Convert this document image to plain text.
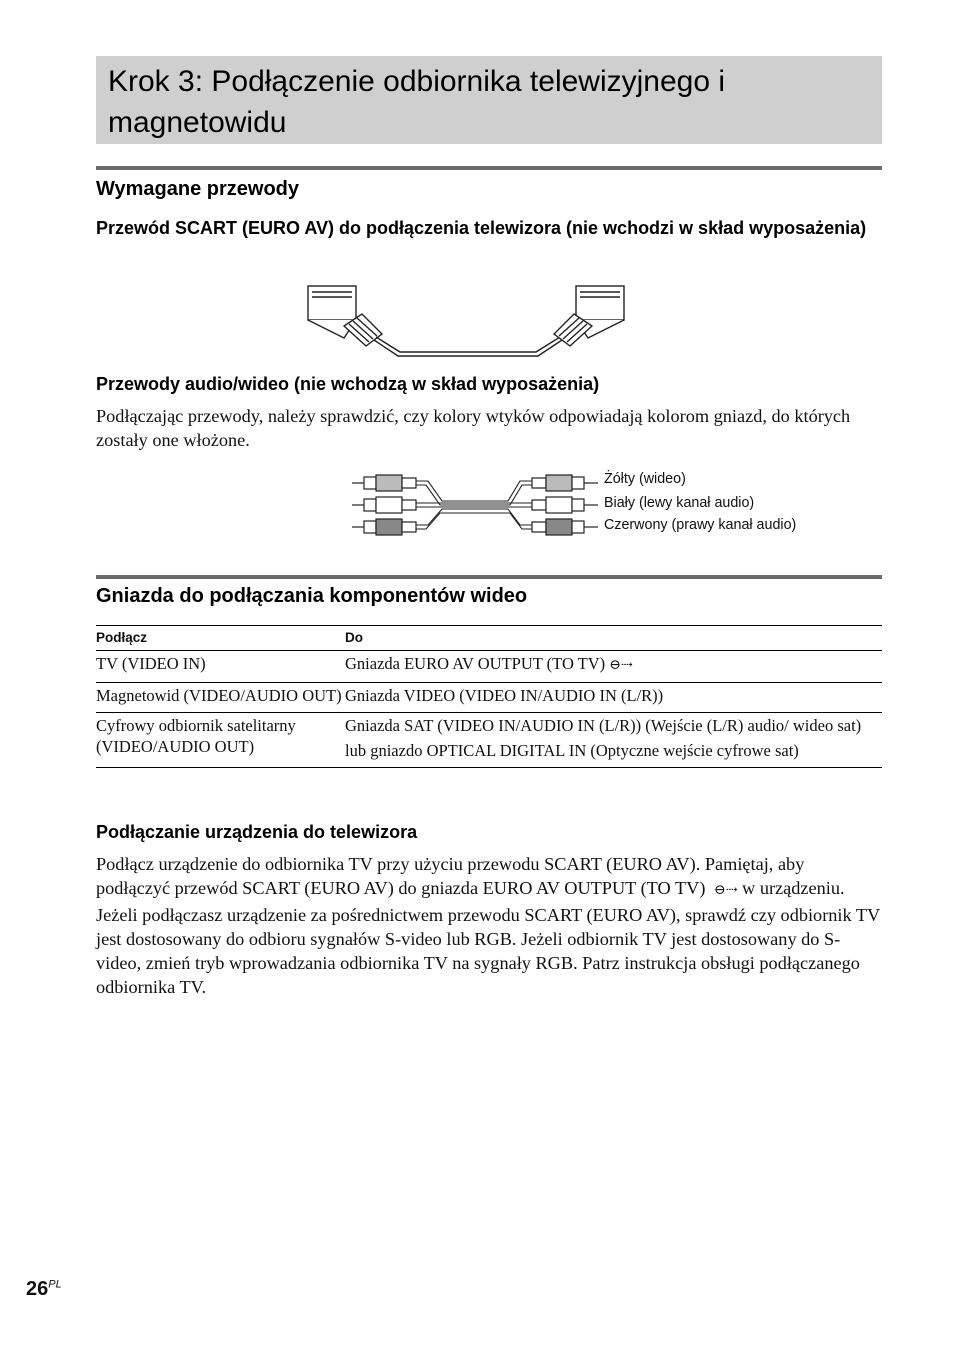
Krok 3: Podłączenie odbiornika telewizyjnego i magnetowidu
Wymagane przewody
Przewód SCART (EURO AV) do podłączenia telewizora (nie wchodzi w skład wyposażenia)
Przewody audio/wideo (nie wchodzą w skład wyposażenia)

Podłączając przewody, należy sprawdzić, czy kolory wtyków odpowiadają kolorom gniazd, do których zostały one włożone.

Żółty (wideo)
Biały (lewy kanał audio)
Czerwony (prawy kanał audio)
Gniazda do podłączania komponentów wideo
Podłącz	Do
TV (VIDEO IN)	Gniazda EURO AV OUTPUT (TO TV) ⊖⇢
Magnetowid (VIDEO/AUDIO OUT)	Gniazda VIDEO (VIDEO IN/AUDIO IN (L/R))
Cyfrowy odbiornik satelitarny (VIDEO/AUDIO OUT)	Gniazda SAT (VIDEO IN/AUDIO IN (L/R)) (Wejście (L/R) audio/ wideo sat)
lub gniazdo OPTICAL DIGITAL IN (Optyczne wejście cyfrowe sat)
Podłączanie urządzenia do telewizora

Podłącz urządzenie do odbiornika TV przy użyciu przewodu SCART (EURO AV). Pamiętaj, aby podłączyć przewód SCART (EURO AV) do gniazda EURO AV OUTPUT (TO TV) ⊖⇢ w urządzeniu.
Jeżeli podłączasz urządzenie za pośrednictwem przewodu SCART (EURO AV), sprawdź czy odbiornik TV jest dostosowany do odbioru sygnałów S-video lub RGB. Jeżeli odbiornik TV jest dostosowany do S-video, zmień tryb wprowadzania odbiornika TV na sygnały RGB. Patrz instrukcja obsługi podłączanego odbiornika TV.

$26^{PL}$
